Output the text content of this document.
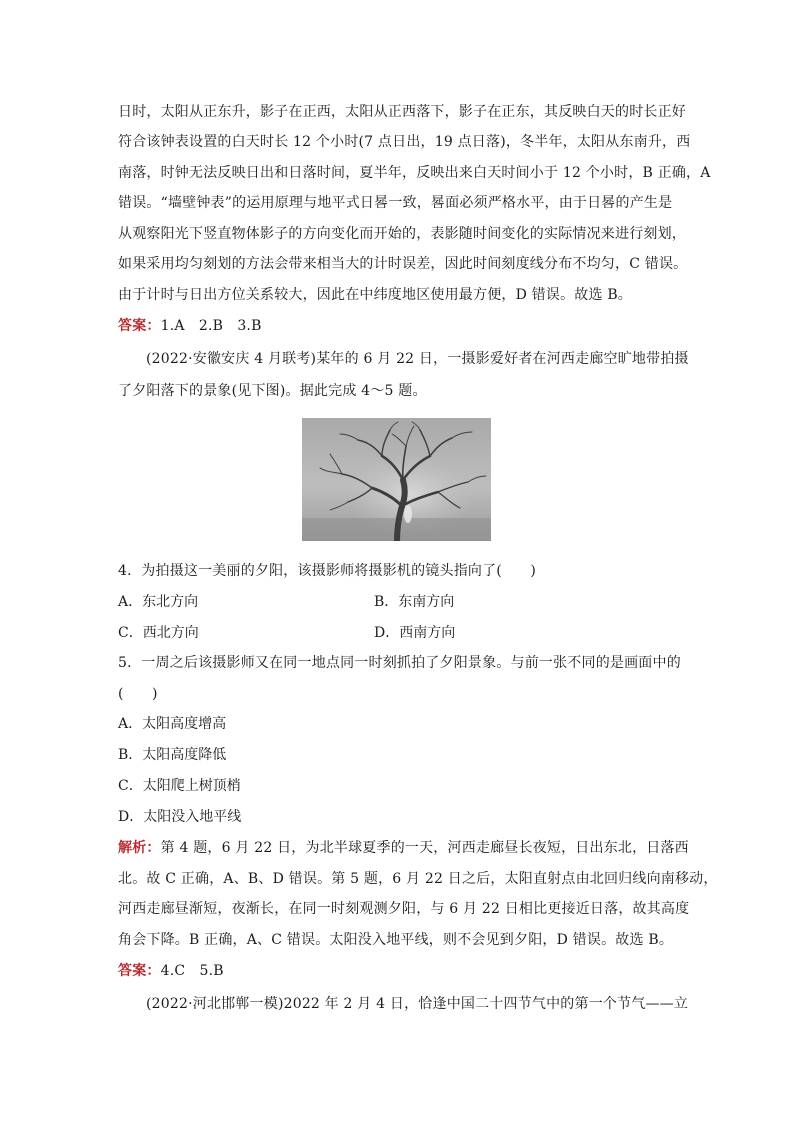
日时，太阳从正东升，影子在正西，太阳从正西落下，影子在正东，其反映白天的时长正好
符合该钟表设置的白天时长 12 个小时(7 点日出，19 点日落)，冬半年，太阳从东南升，西
南落，时钟无法反映日出和日落时间，夏半年，反映出来白天时间小于 12 个小时，B 正确，A
错误。“墙壁钟表”的运用原理与地平式日晷一致，晷面必须严格水平，由于日晷的产生是
从观察阳光下竖直物体影子的方向变化而开始的，表影随时间变化的实际情况来进行刻划，
如果采用均匀刻划的方法会带来相当大的计时误差，因此时间刻度线分布不均匀，C 错误。
由于计时与日出方位关系较大，因此在中纬度地区使用最方便，D 错误。故选 B。
答案：1.A　2.B　3.B
(2022·安徽安庆 4 月联考)某年的 6 月 22 日，一摄影爱好者在河西走廊空旷地带拍摄
了夕阳落下的景象(见下图)。据此完成 4～5 题。
4．为拍摄这一美丽的夕阳，该摄影师将摄影机的镜头指向了(　　)
A．东北方向	B．东南方向
C．西北方向	D．西南方向
5．一周之后该摄影师又在同一地点同一时刻抓拍了夕阳景象。与前一张不同的是画面中的
(　　)
A．太阳高度增高
B．太阳高度降低
C．太阳爬上树顶梢
D．太阳没入地平线
解析：第 4 题，6 月 22 日，为北半球夏季的一天，河西走廊昼长夜短，日出东北，日落西
北。故 C 正确，A、B、D 错误。第 5 题，6 月 22 日之后，太阳直射点由北回归线向南移动，
河西走廊昼渐短，夜渐长，在同一时刻观测夕阳，与 6 月 22 日相比更接近日落，故其高度
角会下降。B 正确，A、C 错误。太阳没入地平线，则不会见到夕阳，D 错误。故选 B。
答案：4.C　5.B
(2022·河北邯郸一模)2022 年 2 月 4 日，恰逢中国二十四节气中的第一个节气——立
